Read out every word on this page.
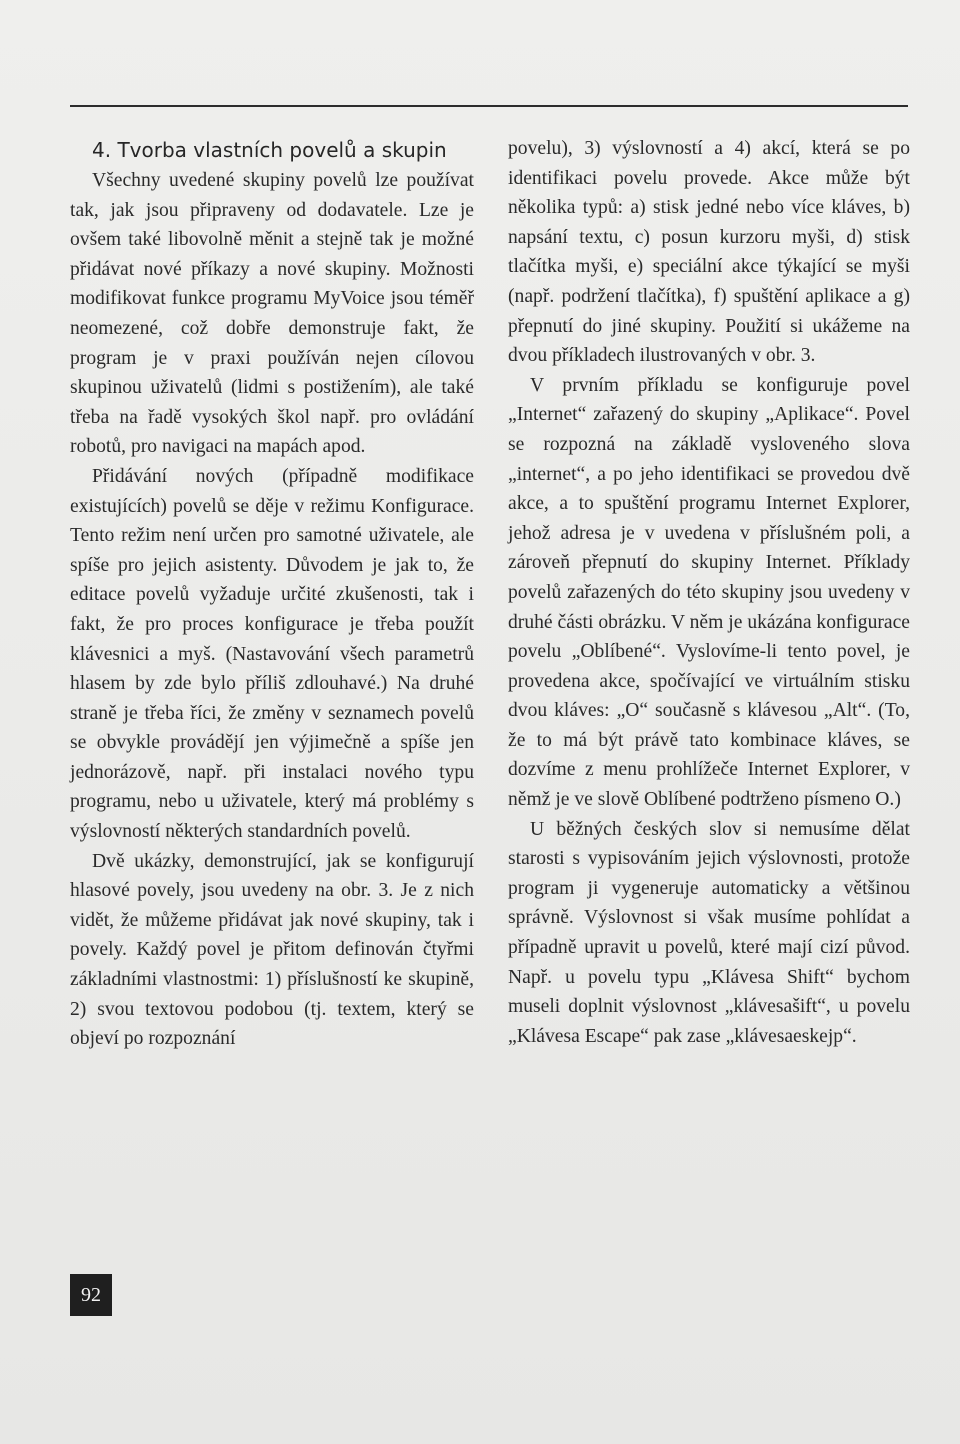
4. Tvorba vlastních povelů a skupin

Všechny uvedené skupiny povelů lze používat tak, jak jsou připraveny od dodavatele. Lze je ovšem také libovolně měnit a stejně tak je možné přidávat nové příkazy a nové skupiny. Možnosti modifikovat funkce programu MyVoice jsou téměř neomezené, což dobře demonstruje fakt, že program je v praxi používán nejen cílovou skupinou uživatelů (lidmi s postižením), ale také třeba na řadě vysokých škol např. pro ovládání robotů, pro navigaci na mapách apod.

Přidávání nových (případně modifikace existujících) povelů se děje v režimu Konfigurace. Tento režim není určen pro samotné uživatele, ale spíše pro jejich asistenty. Důvodem je jak to, že editace povelů vyžaduje určité zkušenosti, tak i fakt, že pro proces konfigurace je třeba použít klávesnici a myš. (Nastavování všech parametrů hlasem by zde bylo příliš zdlouhavé.) Na druhé straně je třeba říci, že změny v seznamech povelů se obvykle provádějí jen výjimečně a spíše jen jednorázově, např. při instalaci nového typu programu, nebo u uživatele, který má problémy s výslovností některých standardních povelů.

Dvě ukázky, demonstrující, jak se konfigurují hlasové povely, jsou uvedeny na obr. 3. Je z nich vidět, že můžeme přidávat jak nové skupiny, tak i povely. Každý povel je přitom definován čtyřmi základními vlastnostmi: 1) příslušností ke skupině, 2) svou textovou podobou (tj. textem, který se objeví po rozpoznání

povelu), 3) výslovností a 4) akcí, která se po identifikaci povelu provede. Akce může být několika typů: a) stisk jedné nebo více kláves, b) napsání textu, c) posun kurzoru myši, d) stisk tlačítka myši, e) speciální akce týkající se myši (např. podržení tlačítka), f) spuštění aplikace a g) přepnutí do jiné skupiny. Použití si ukážeme na dvou příkladech ilustrovaných v obr. 3.

V prvním příkladu se konfiguruje povel „Internet“ zařazený do skupiny „Aplikace“. Povel se rozpozná na základě vysloveného slova „internet“, a po jeho identifikaci se provedou dvě akce, a to spuštění programu Internet Explorer, jehož adresa je v uvedena v příslušném poli, a zároveň přepnutí do skupiny Internet. Příklady povelů zařazených do této skupiny jsou uvedeny v druhé části obrázku. V něm je ukázána konfigurace povelu „Oblíbené“. Vyslovíme-li tento povel, je provedena akce, spočívající ve virtuálním stisku dvou kláves: „O“ současně s klávesou „Alt“. (To, že to má být právě tato kombinace kláves, se dozvíme z menu prohlížeče Internet Explorer, v němž je ve slově Oblíbené podtrženo písmeno O.)

U běžných českých slov si nemusíme dělat starosti s vypisováním jejich výslovnosti, protože program ji vygeneruje automaticky a většinou správně. Výslovnost si však musíme pohlídat a případně upravit u povelů, které mají cizí původ. Např. u povelu typu „Klávesa Shift“ bychom museli doplnit výslovnost „klávesašift“, u povelu „Klávesa Escape“ pak zase „klávesaeskejp“.

92
